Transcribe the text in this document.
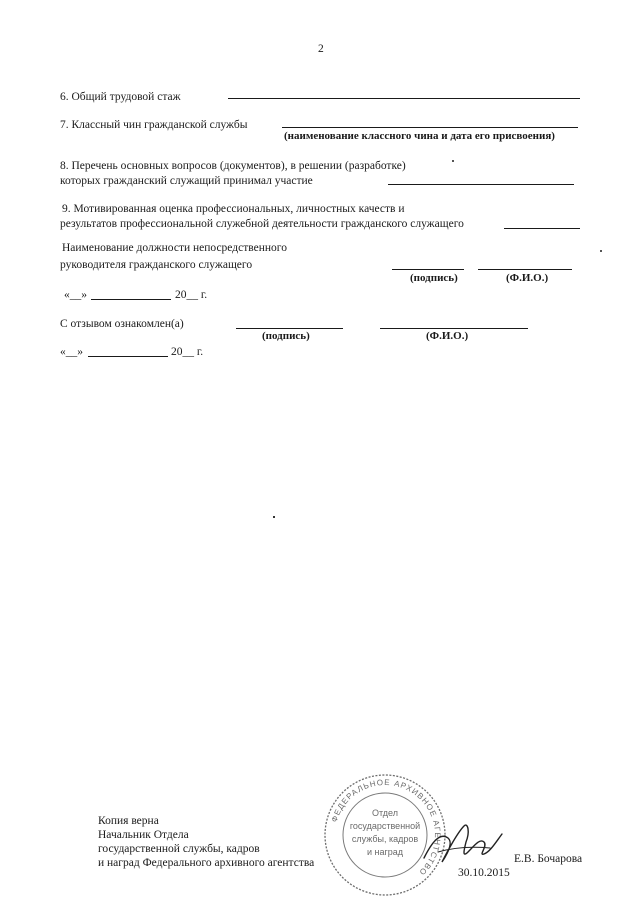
2
6. Общий трудовой стаж
7. Классный чин гражданской службы
(наименование классного чина и дата его присвоения)
8. Перечень основных вопросов (документов), в решении (разработке)
которых гражданский служащий принимал участие
9. Мотивированная оценка профессиональных, личностных качеств и
результатов профессиональной служебной деятельности гражданского служащего
Наименование должности непосредственного
руководителя гражданского служащего
(подпись)	(Ф.И.О.)
«__»	20__ г.
С отзывом ознакомлен(а)
(подпись)	(Ф.И.О.)
«__»	20__ г.
Копия верна
Начальник Отдела
государственной службы, кадров
и наград Федерального архивного агентства
ФЕДЕРАЛЬНОЕ АРХИВНОЕ АГЕНТСТВО
Отдел
государственной
службы, кадров
и наград
Е.В. Бочарова
30.10.2015
